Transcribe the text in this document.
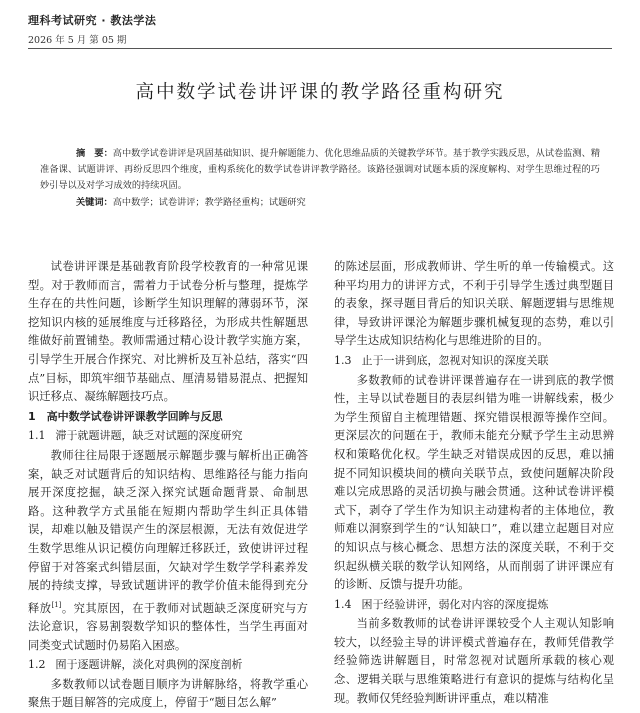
理科考试研究 · 教法学法
2026 年 5 月 第 05 期
高中数学试卷讲评课的教学路径重构研究

摘　要：高中数学试卷讲评是巩固基础知识、提升解题能力、优化思维品质的关键教学环节。基于教学实践反思，从试卷监测、精准备课、试题讲评、再纷反思四个维度，重构系统化的数学试卷讲评教学路径。该路径强调对试题本质的深度解构、对学生思维过程的巧妙引导以及对学习成效的持续巩固。

关键词：高中数学；试卷讲评；教学路径重构；试题研究

试卷讲评课是基础教育阶段学校教育的一种常见课型。对于教师而言，需着力于试卷分析与整理，提炼学生存在的共性问题，诊断学生知识理解的薄弱环节，深挖知识内核的延展维度与迁移路径，为形成共性解题思维做好前置铺垫。教师需通过精心设计教学实施方案，引导学生开展合作探究、对比辨析及互补总结，落实“四点”目标，即筑牢细节基础点、厘清易错易混点、把握知识迁移点、凝练解题技巧点。

1　高中数学试卷讲评课教学回眸与反思
1.1 滞于就题讲题，缺乏对试题的深度研究

教师往往局限于逐题展示解题步骤与解析出正确答案，缺乏对试题背后的知识结构、思维路径与能力指向展开深度挖掘，缺乏深入探究试题命题背景、命制思路。这种教学方式虽能在短期内帮助学生纠正具体错误，却难以触及错误产生的深层根源，无法有效促进学生数学思维从识记模仿向理解迁移跃迁，致使讲评过程停留于对答案式纠错层面，欠缺对学生数学学科素养发展的持续支撑，导致试题讲评的教学价值未能得到充分释放[1]。究其原因，在于教师对试题缺乏深度研究与方法论意识，容易割裂数学知识的整体性，当学生再面对同类变式试题时仍易陷入困惑。

1.2 囿于逐题讲解，淡化对典例的深度剖析

多数教师以试卷题目顺序为讲解脉络，将教学重心聚焦于题目解答的完成度上，停留于“题目怎么解”

的陈述层面，形成教师讲、学生听的单一传输模式。这种平均用力的讲评方式，不利于引导学生透过典型题目的表象，探寻题目背后的知识关联、解题逻辑与思维规律，导致讲评课沦为解题步骤机械复现的态势，难以引导学生达成知识结构化与思维进阶的目的。

1.3 止于一讲到底，忽视对知识的深度关联

多数教师的试卷讲评课普遍存在一讲到底的教学惯性，主导以试卷题目的表层纠错为唯一讲解线索，极少为学生预留自主梳理错题、探究错误根源等操作空间。更深层次的问题在于，教师未能充分赋予学生主动思辨权和策略优化权。学生缺乏对错误成因的反思，难以捕捉不同知识模块间的横向关联节点，致使问题解决阶段难以完成思路的灵活切换与融会贯通。这种试卷讲评模式下，剥夺了学生作为知识主动建构者的主体地位，教师难以洞察到学生的“认知缺口”，难以建立起题目对应的知识点与核心概念、思想方法的深度关联，不利于交织起纵横关联的数学认知网络，从而削弱了讲评课应有的诊断、反馈与提升功能。

1.4 困于经验讲评，弱化对内容的深度提炼

当前多数教师的试卷讲评课较受个人主观认知影响较大，以经验主导的讲评模式普遍存在，教师凭借教学经验筛选讲解题目，时常忽视对试题所承载的核心观念、逻辑关联与思维策略进行有意识的提炼与结构化呈现。教师仅凭经验判断讲评重点，难以精准
